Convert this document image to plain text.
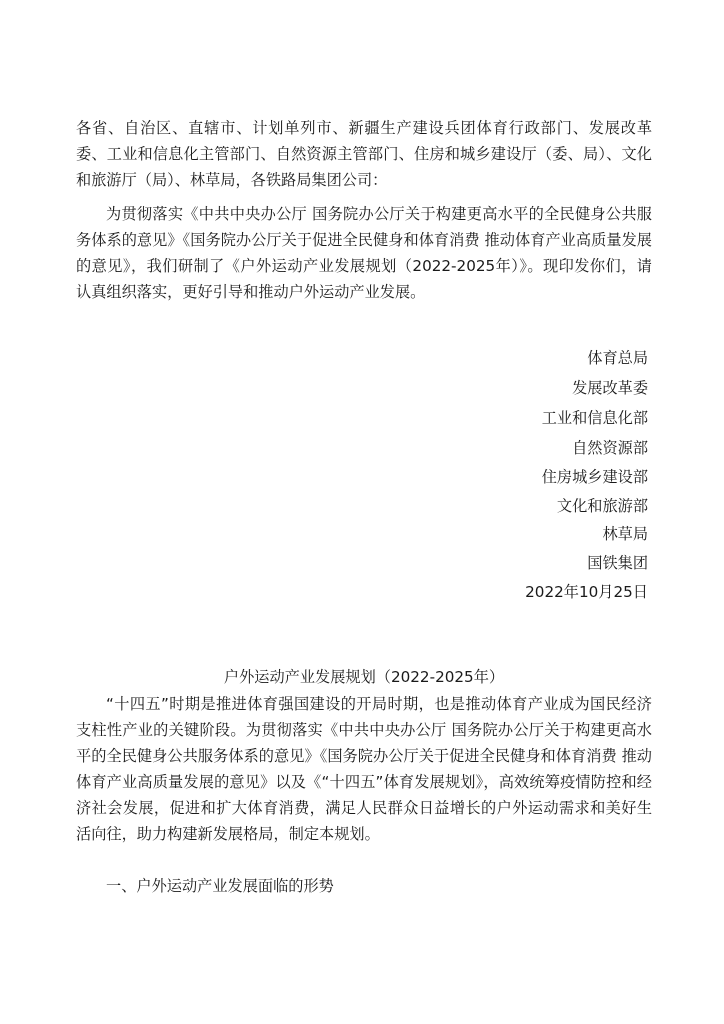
各省、自治区、直辖市、计划单列市、新疆生产建设兵团体育行政部门、发展改革委、工业和信息化主管部门、自然资源主管部门、住房和城乡建设厅（委、局）、文化和旅游厅（局）、林草局，各铁路局集团公司：

为贯彻落实《中共中央办公厅 国务院办公厅关于构建更高水平的全民健身公共服务体系的意见》《国务院办公厅关于促进全民健身和体育消费 推动体育产业高质量发展的意见》，我们研制了《户外运动产业发展规划（2022-2025年）》。现印发你们，请认真组织落实，更好引导和推动户外运动产业发展。

体育总局

发展改革委

工业和信息化部

自然资源部

住房城乡建设部

文化和旅游部

林草局

国铁集团

2022年10月25日

户外运动产业发展规划（2022-2025年）

“十四五”时期是推进体育强国建设的开局时期，也是推动体育产业成为国民经济支柱性产业的关键阶段。为贯彻落实《中共中央办公厅 国务院办公厅关于构建更高水平的全民健身公共服务体系的意见》《国务院办公厅关于促进全民健身和体育消费 推动体育产业高质量发展的意见》以及《“十四五”体育发展规划》，高效统筹疫情防控和经济社会发展，促进和扩大体育消费，满足人民群众日益增长的户外运动需求和美好生活向往，助力构建新发展格局，制定本规划。

一、户外运动产业发展面临的形势
